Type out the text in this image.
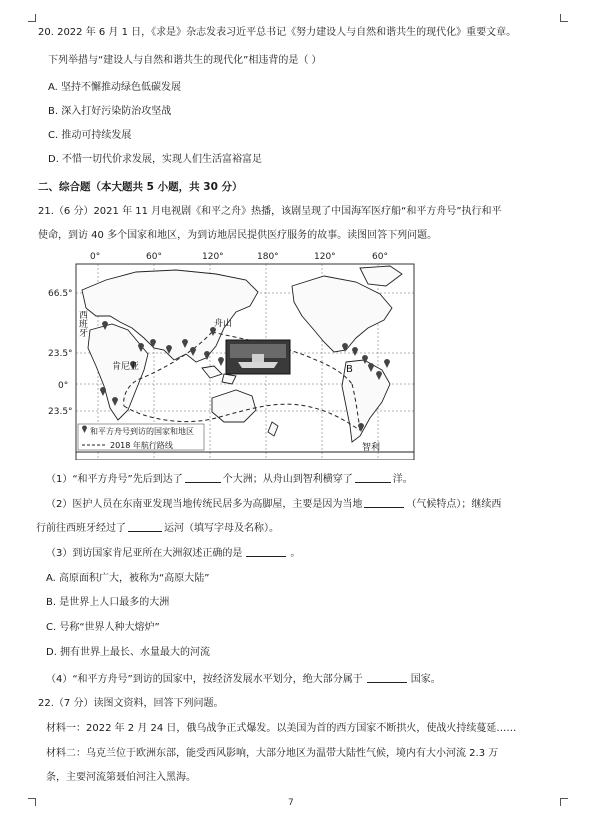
20. 2022 年 6 月 1 日，《求是》杂志发表习近平总书记《努力建设人与自然和谐共生的现代化》重要文章。
下列举措与“建设人与自然和谐共生的现代化”相违背的是（ ）
A. 坚持不懈推动绿色低碳发展
B. 深入打好污染防治攻坚战
C. 推动可持续发展
D. 不惜一切代价求发展，实现人们生活富裕富足
二、综合题（本大题共 5 小题，共 30 分）
21.（6 分）2021 年 11 月电视剧《和平之舟》热播，该剧呈现了中国海军医疗船“和平方舟号”执行和平
使命，到访 40 多个国家和地区，为到访地居民提供医疗服务的故事。读图回答下列问题。
0°	60°	120°	180°	120°	60°
66.5°
23.5°
0°
23.5°
西班牙	舟山
肯尼亚	B
智利
和平方舟号到访的国家和地区
2018 年航行路线
（1）“和平方舟号”先后到达了	个大洲；从舟山到智利横穿了	洋。
（2）医护人员在东南亚发现当地传统民居多为高脚屋，主要是因为当地	（气候特点）；继续西
行前往西班牙经过了	运河（填写字母及名称）。
（3）到访国家肯尼亚所在大洲叙述正确的是	。
A. 高原面积广大，被称为“高原大陆”
B. 是世界上人口最多的大洲
C. 号称“世界人种大熔炉”
D. 拥有世界上最长、水量最大的河流
（4）“和平方舟号”到访的国家中，按经济发展水平划分，绝大部分属于	国家。
22.（7 分）读图文资料，回答下列问题。
材料一：2022 年 2 月 24 日，俄乌战争正式爆发。以美国为首的西方国家不断拱火，使战火持续蔓延……
材料二：乌克兰位于欧洲东部，能受西风影响，大部分地区为温带大陆性气候，境内有大小河流 2.3 万
条，主要河流第聂伯河注入黑海。
7
